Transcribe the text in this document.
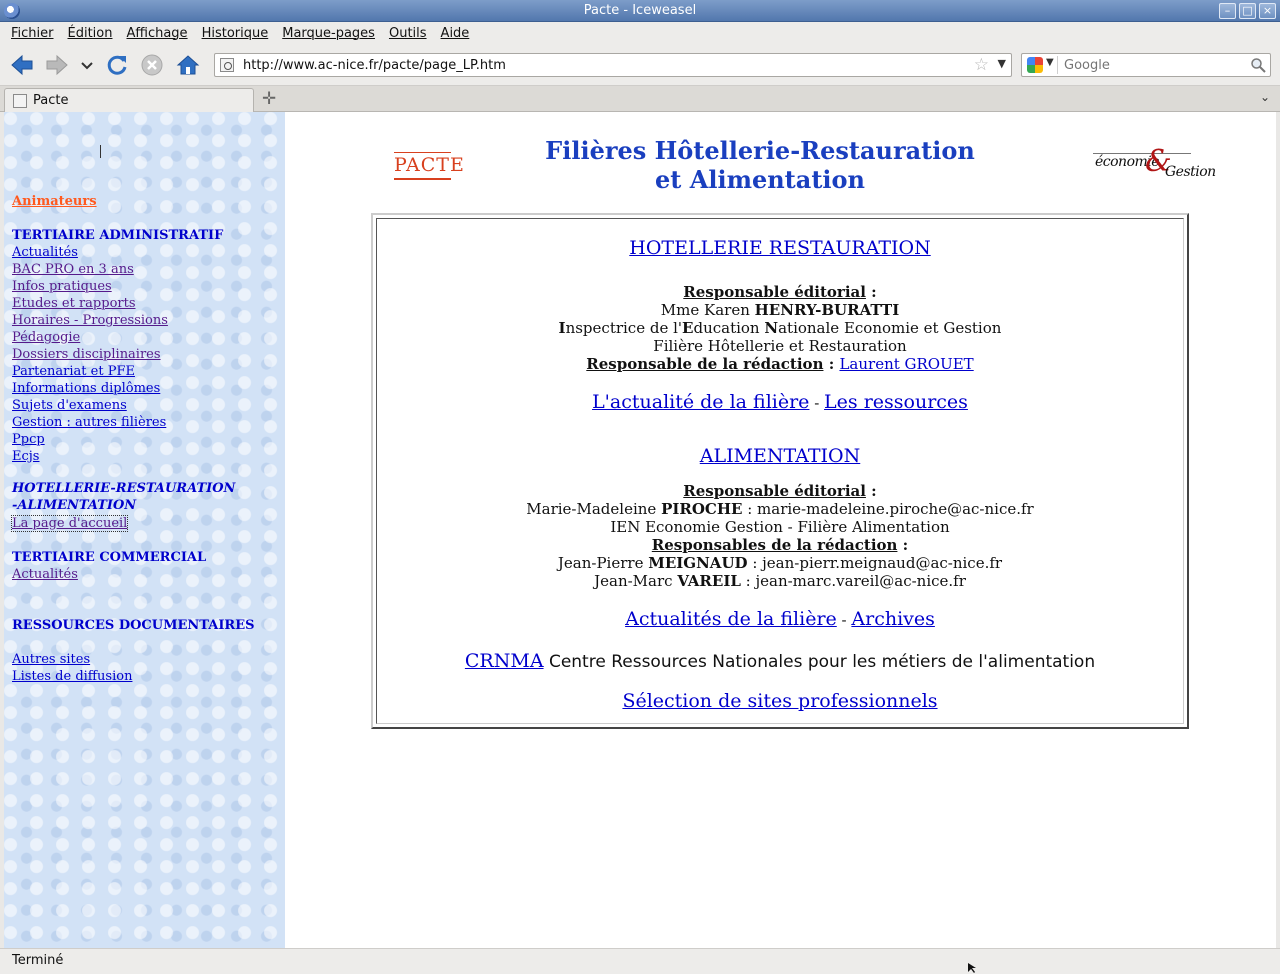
Pacte - Iceweasel	–	□ ×
Fichier	Édition	Affichage	Historique	Marque-pages	Outils	Aide
http://www.ac-nice.fr/pacte/page_LP.htm
☆ ▼	▼
Google
Pacte	✛	⌄
Animateurs
TERTIAIRE ADMINISTRATIF
Actualités
BAC PRO en 3 ans
Infos pratiques
Etudes et rapports
Horaires - Progressions
Pédagogie
Dossiers disciplinaires
Partenariat et PFE
Informations diplômes
Sujets d'examens
Gestion : autres filières
Ppcp
Ecjs
HOTELLERIE-RESTAURATION
-ALIMENTATION
La page d'accueil
TERTIAIRE COMMERCIAL
Actualités
RESSOURCES DOCUMENTAIRES
Autres sites
Listes de diffusion
PACTE	Filières Hôtellerie-Restauration
et Alimentation
économie
&
Gestion
HOTELLERIE RESTAURATION
Responsable éditorial :
Mme Karen HENRY-BURATTI
Inspectrice de l'Education Nationale Economie et Gestion
Filière Hôtellerie et Restauration
Responsable de la rédaction : Laurent GROUET
L'actualité de la filière - Les ressources
ALIMENTATION
Responsable éditorial :
Marie-Madeleine PIROCHE : marie-madeleine.piroche@ac-nice.fr
IEN Economie Gestion - Filière Alimentation
Responsables de la rédaction :
Jean-Pierre MEIGNAUD : jean-pierr.meignaud@ac-nice.fr
Jean-Marc VAREIL : jean-marc.vareil@ac-nice.fr
Actualités de la filière - Archives
CRNMA Centre Ressources Nationales pour les métiers de l'alimentation
Sélection de sites professionnels
Terminé
